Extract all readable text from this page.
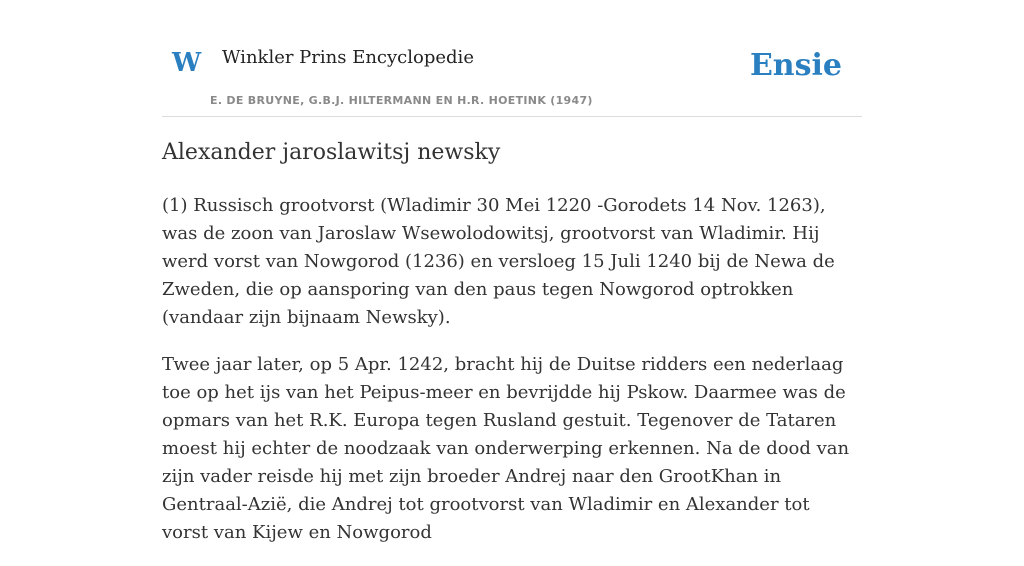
W Winkler Prins Encyclopedie
E. DE BRUYNE, G.B.J. HILTERMANN EN H.R. HOETINK (1947)
Ensie
Alexander jaroslawitsj newsky

(1) Russisch grootvorst (Wladimir 30 Mei 1220 -Gorodets 14 Nov. 1263), was de zoon van Jaroslaw Wsewolodowitsj, grootvorst van Wladimir. Hij werd vorst van Nowgorod (1236) en versloeg 15 Juli 1240 bij de Newa de Zweden, die op aansporing van den paus tegen Nowgorod optrokken (vandaar zijn bijnaam Newsky).

Twee jaar later, op 5 Apr. 1242, bracht hij de Duitse ridders een nederlaag toe op het ijs van het Peipus-meer en bevrijdde hij Pskow. Daarmee was de opmars van het R.K. Europa tegen Rusland gestuit. Tegenover de Tataren moest hij echter de noodzaak van onderwerping erkennen. Na de dood van zijn vader reisde hij met zijn broeder Andrej naar den GrootKhan in Gentraal-Azië, die Andrej tot grootvorst van Wladimir en Alexander tot vorst van Kijew en Nowgorod
